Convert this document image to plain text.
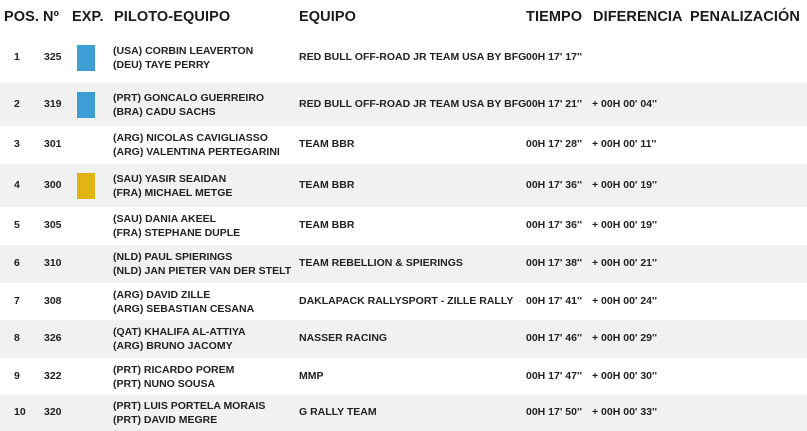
POS. Nº EXP. PILOTO-EQUIPO	EQUIPO	TIEMPO DIFERENCIA PENALIZACIÓN
1 325	(USA) CORBIN LEAVERTON
(DEU) TAYE PERRY
RED BULL OFF-ROAD JR TEAM USA BY BFG 00H 17' 17''
2 319	(PRT) GONCALO GUERREIRO
(BRA) CADU SACHS
RED BULL OFF-ROAD JR TEAM USA BY BFG 00H 17' 21'' + 00H 00' 04''
3 301	(ARG) NICOLAS CAVIGLIASSO
(ARG) VALENTINA PERTEGARINI
TEAM BBR	00H 17' 28'' + 00H 00' 11''
4 300	(SAU) YASIR SEAIDAN
(FRA) MICHAEL METGE
TEAM BBR	00H 17' 36'' + 00H 00' 19''
5 305	(SAU) DANIA AKEEL
(FRA) STEPHANE DUPLE
TEAM BBR	00H 17' 36'' + 00H 00' 19''
6 310	(NLD) PAUL SPIERINGS
(NLD) JAN PIETER VAN DER STELT
TEAM REBELLION & SPIERINGS	00H 17' 38'' + 00H 00' 21''
7 308	(ARG) DAVID ZILLE
(ARG) SEBASTIAN CESANA
DAKLAPACK RALLYSPORT - ZILLE RALLY 00H 17' 41'' + 00H 00' 24''
8 326	(QAT) KHALIFA AL-ATTIYA
(ARG) BRUNO JACOMY
NASSER RACING	00H 17' 46'' + 00H 00' 29''
9 322	(PRT) RICARDO POREM
(PRT) NUNO SOUSA
MMP	00H 17' 47'' + 00H 00' 30''
10 320	(PRT) LUIS PORTELA MORAIS
(PRT) DAVID MEGRE
G RALLY TEAM	00H 17' 50'' + 00H 00' 33''
